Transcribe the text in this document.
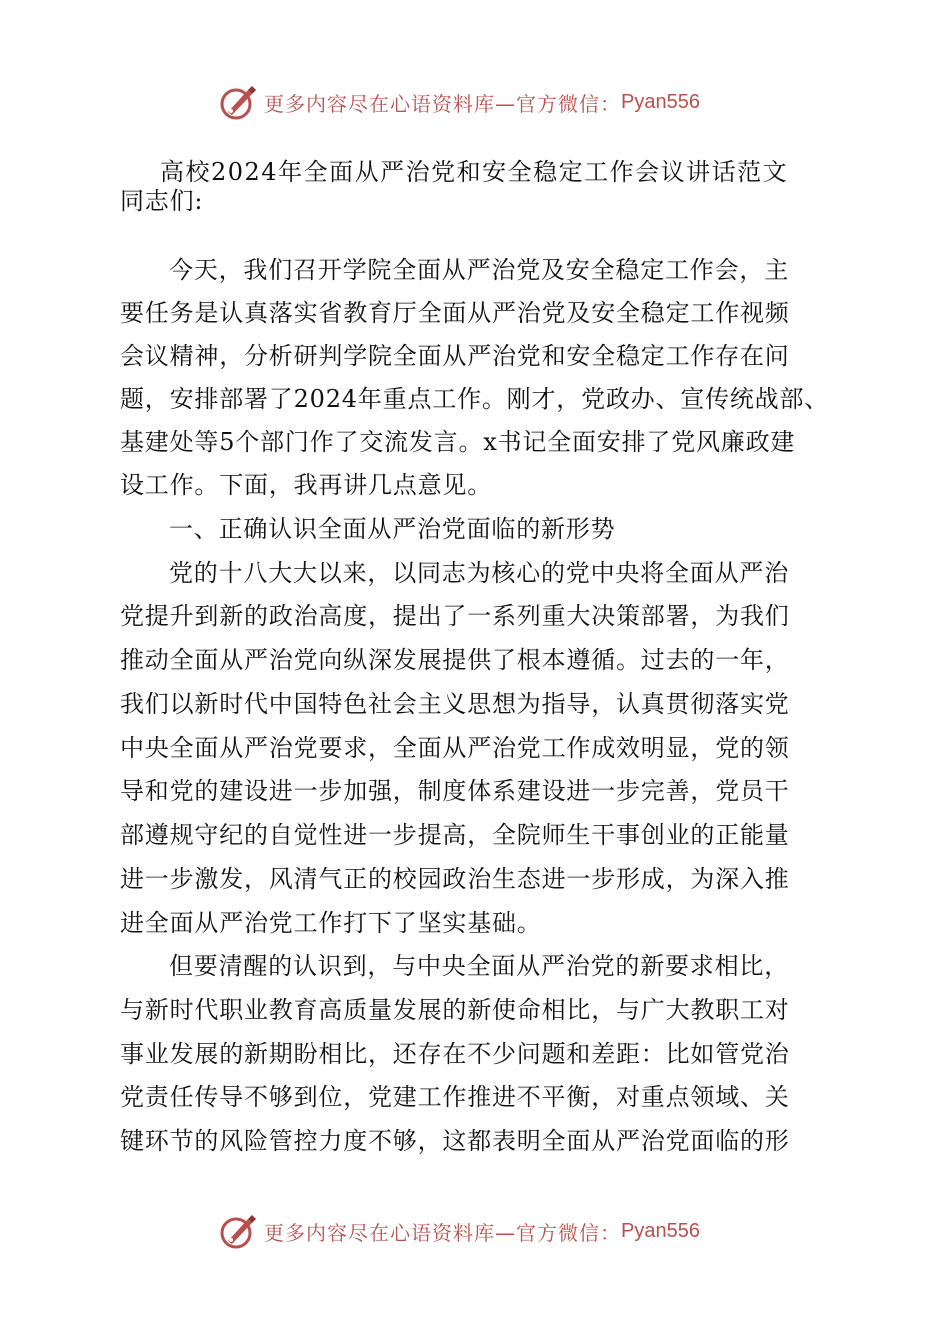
更多内容尽在心语资料库—官方微信： Pyan556
高校2024年全面从严治党和安全稳定工作会议讲话范文
同志们:
今天，我们召开学院全面从严治党及安全稳定工作会，主
要任务是认真落实省教育厅全面从严治党及安全稳定工作视频
会议精神，分析研判学院全面从严治党和安全稳定工作存在问
题，安排部署了2024年重点工作。刚才，党政办、宣传统战部、
基建处等5个部门作了交流发言。x书记全面安排了党风廉政建
设工作。下面，我再讲几点意见。
一、正确认识全面从严治党面临的新形势
党的十八大大以来，以同志为核心的党中央将全面从严治
党提升到新的政治高度，提出了一系列重大决策部署，为我们
推动全面从严治党向纵深发展提供了根本遵循。过去的一年，
我们以新时代中国特色社会主义思想为指导，认真贯彻落实党
中央全面从严治党要求，全面从严治党工作成效明显，党的领
导和党的建设进一步加强，制度体系建设进一步完善，党员干
部遵规守纪的自觉性进一步提高，全院师生干事创业的正能量
进一步激发，风清气正的校园政治生态进一步形成，为深入推
进全面从严治党工作打下了坚实基础。
但要清醒的认识到，与中央全面从严治党的新要求相比，
与新时代职业教育高质量发展的新使命相比，与广大教职工对
事业发展的新期盼相比，还存在不少问题和差距：比如管党治
党责任传导不够到位，党建工作推进不平衡，对重点领域、关
键环节的风险管控力度不够，这都表明全面从严治党面临的形
更多内容尽在心语资料库—官方微信： Pyan556
